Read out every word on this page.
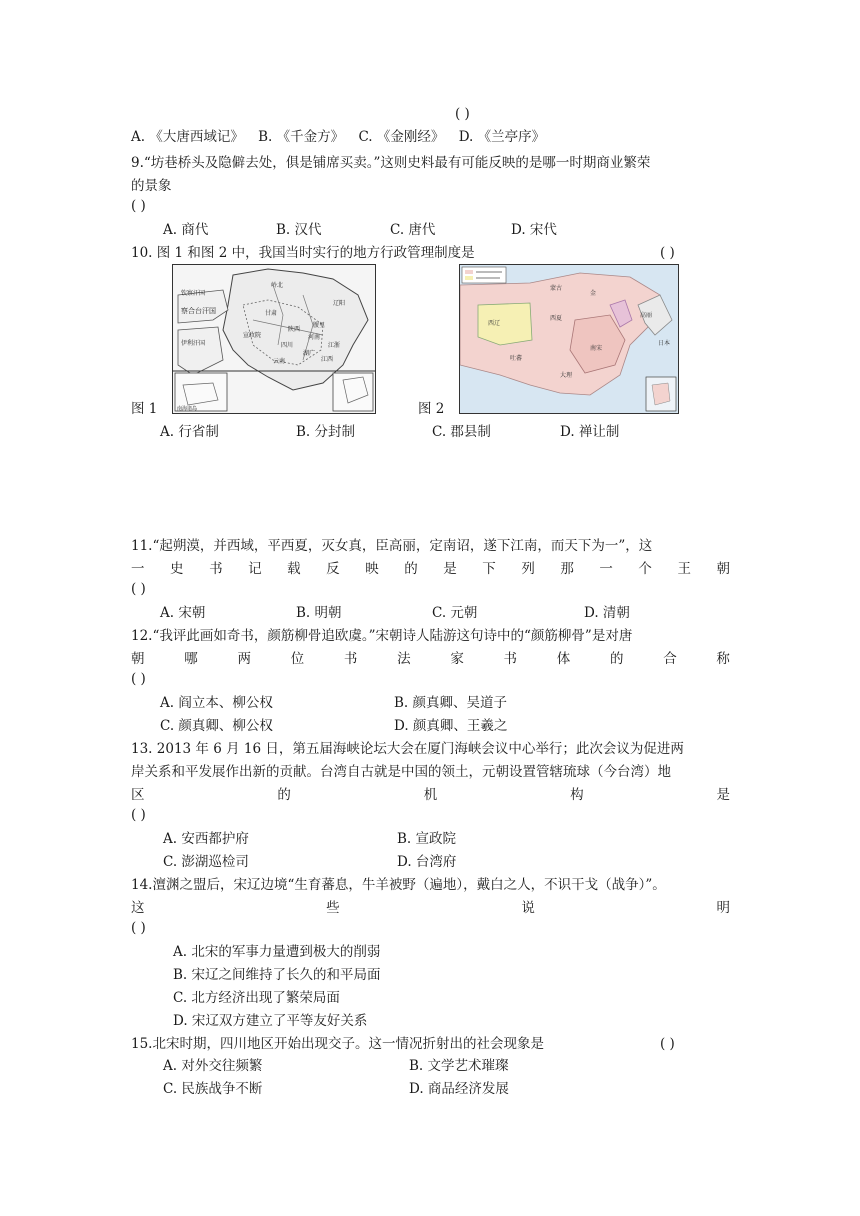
( )
A. 《大唐西域记》 B. 《千金方》 C. 《金刚经》 D. 《兰亭序》
9.“坊巷桥头及隐僻去处，俱是铺席买卖。”这则史料最有可能反映的是哪一时期商业繁荣
的景象
( )
A. 商代	B. 汉代	C. 唐代	D. 宋代
10. 图 1 和图 2 中，我国当时实行的地方行政管理制度是	( )
钦察汗国
察合台汗国
伊利汗国
岭北
辽阳
腹里
甘肃
四川
云南
湖广
江西
江浙
河南
陕西
宣政院
南海诸岛
图 1
西辽
金
南宋
西夏
大理
吐蕃
蒙古
高丽
日本
图 2
A. 行省制	B. 分封制	C. 郡县制	D. 禅让制
11.“起朔漠，并西域，平西夏，灭女真，臣高丽，定南诏，遂下江南，而天下为一”，这
一 史 书 记 载 反 映 的 是 下 列 那 一 个 王 朝
( )
A. 宋朝	B. 明朝	C. 元朝	D. 清朝
12.“我评此画如奇书，颜筋柳骨追欧虞。”宋朝诗人陆游这句诗中的“颜筋柳骨”是对唐
朝	哪	两	位	书	法	家	书	体	的	合	称
( )
A. 阎立本、柳公权	B. 颜真卿、吴道子
C. 颜真卿、柳公权	D. 颜真卿、王羲之
13. 2013 年 6 月 16 日，第五届海峡论坛大会在厦门海峡会议中心举行；此次会议为促进两
岸关系和平发展作出新的贡献。台湾自古就是中国的领土，元朝设置管辖琉球（今台湾）地
区	的	机	构	是
( )
A. 安西都护府	B. 宣政院
C. 澎湖巡检司	D. 台湾府
14.澶渊之盟后，宋辽边境“生育蕃息，牛羊被野（遍地），戴白之人，不识干戈（战争）”。
这	些	说	明
( )
A. 北宋的军事力量遭到极大的削弱
B. 宋辽之间维持了长久的和平局面
C. 北方经济出现了繁荣局面
D. 宋辽双方建立了平等友好关系
15.北宋时期，四川地区开始出现交子。这一情况折射出的社会现象是	( )
A. 对外交往频繁	B. 文学艺术璀璨
C. 民族战争不断	D. 商品经济发展
